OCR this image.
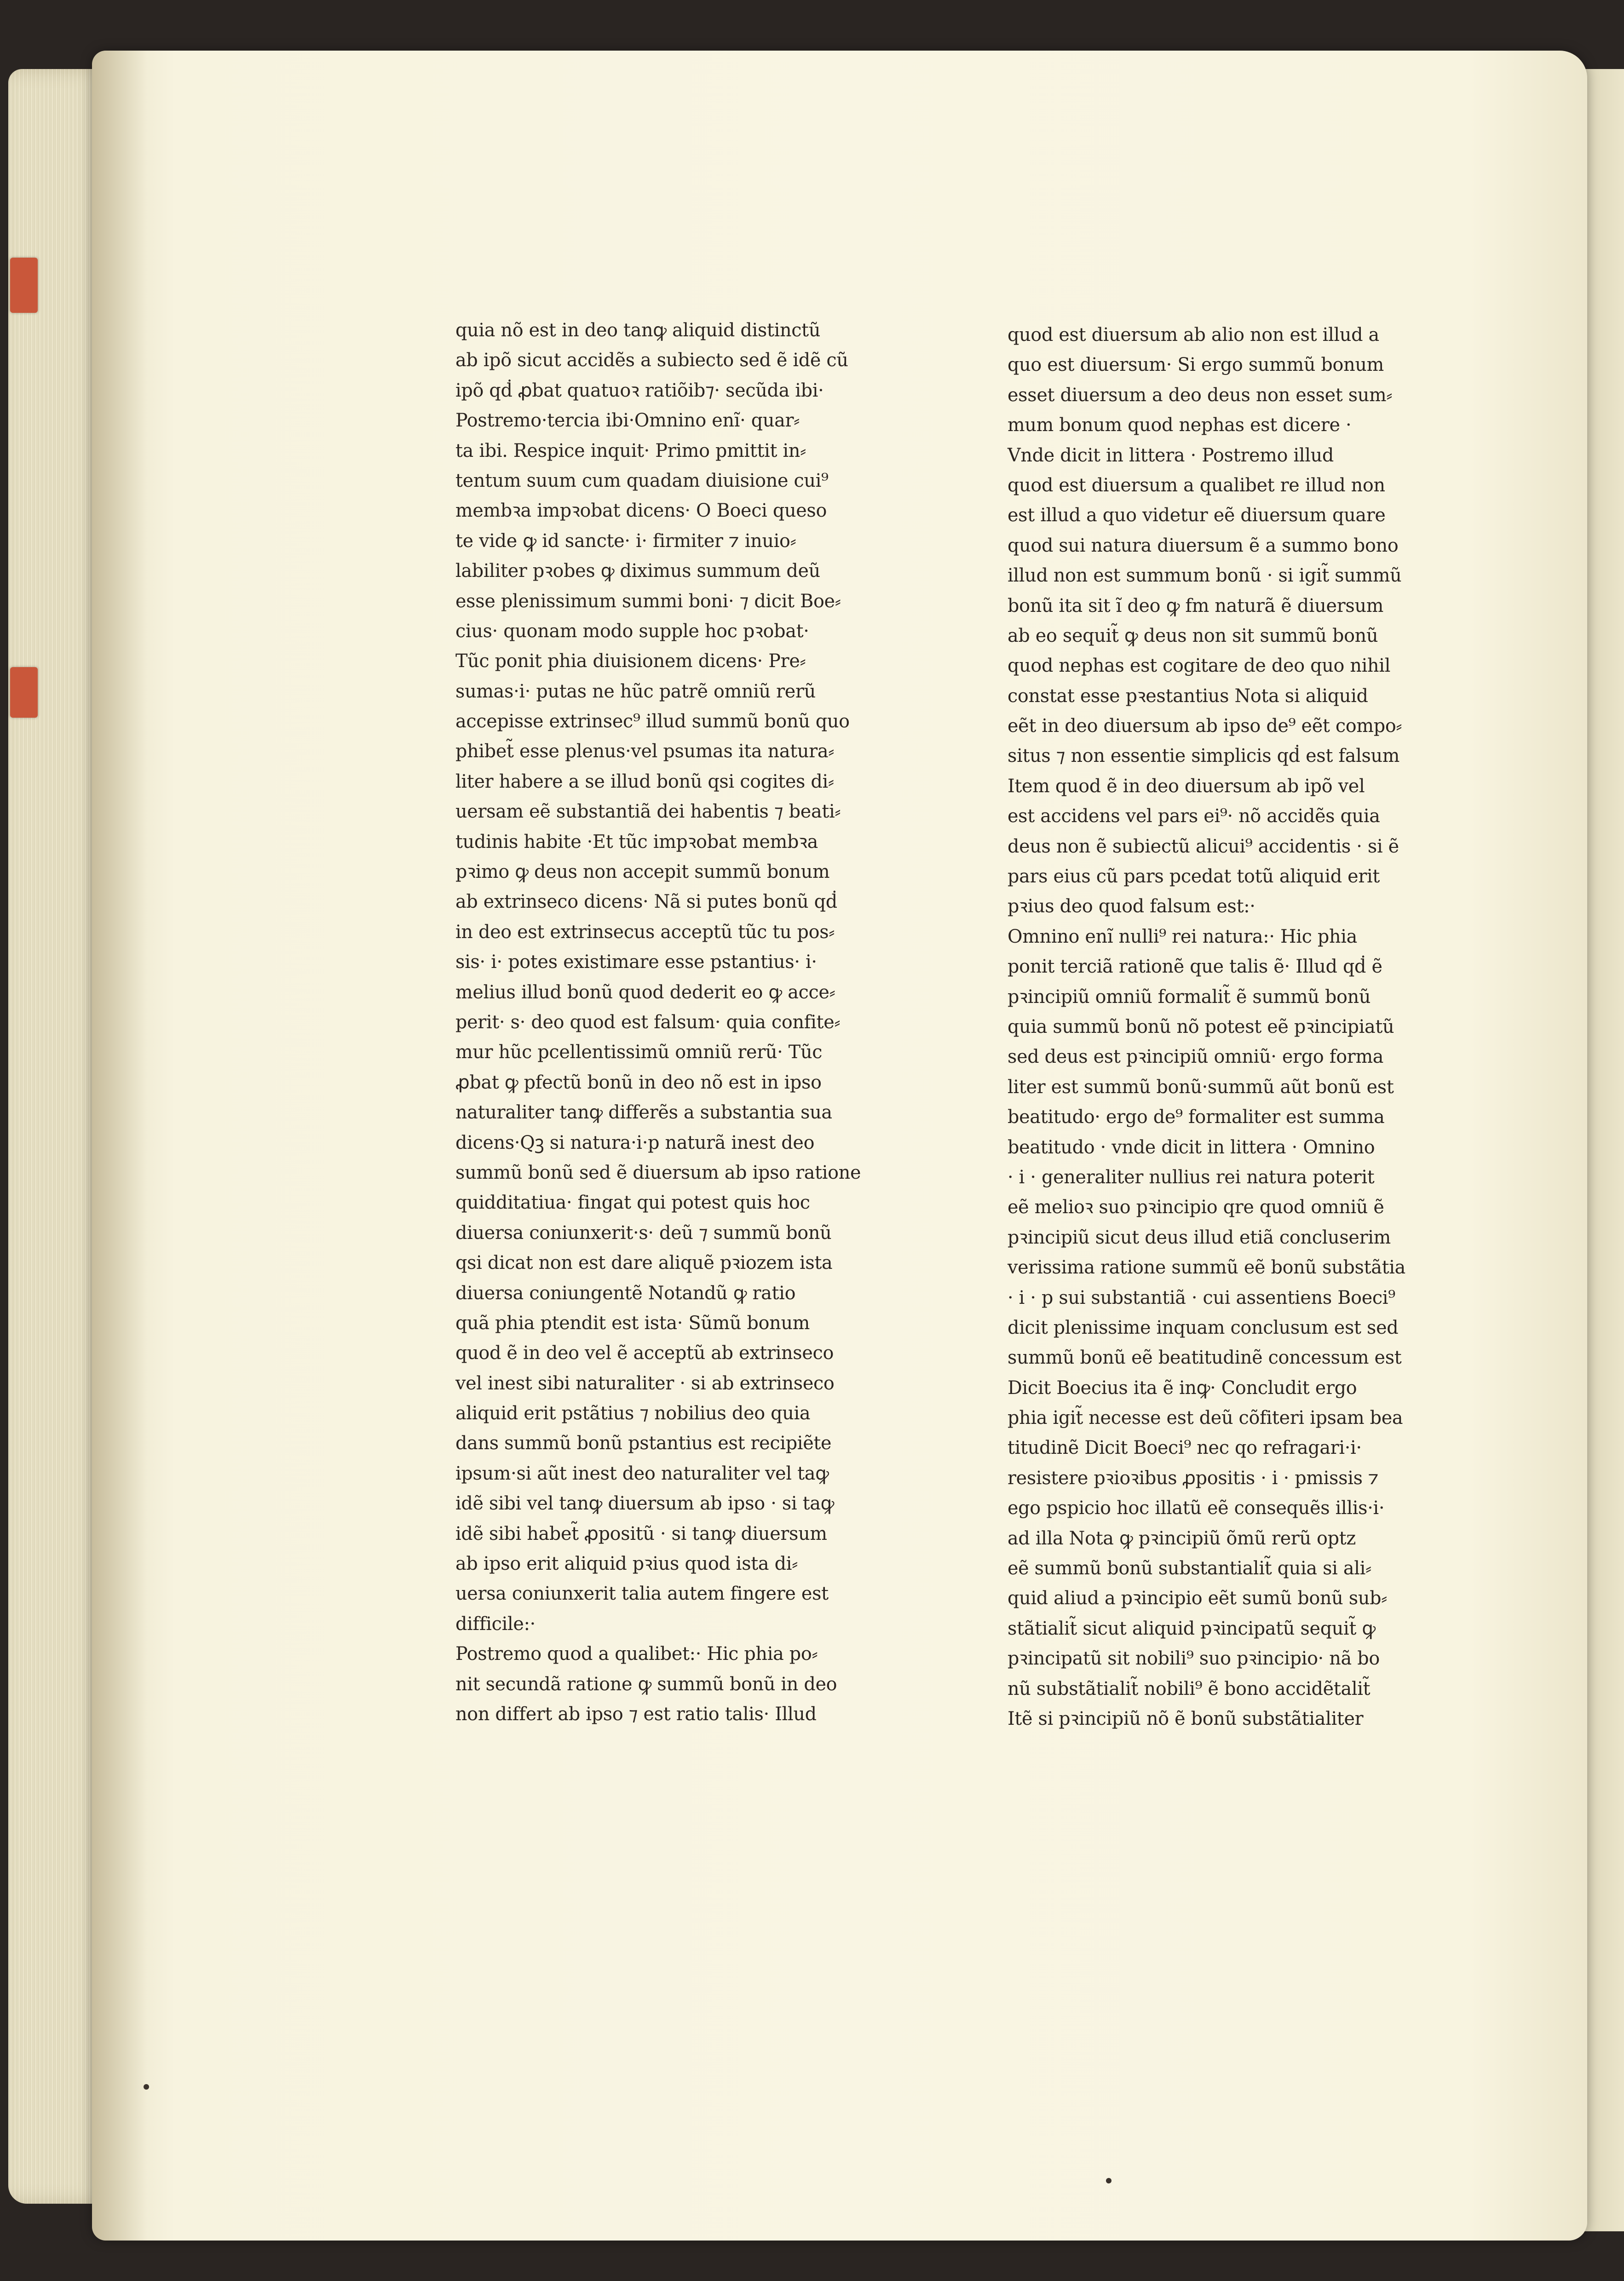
quia nõ est in deo tanꝙ aliquid distinctũ
ab ipõ sicut accidẽs a subiecto sed ẽ idẽ cũ
ipõ qḋ ꝓbat quatuoꝛ ratiõib⁊· secũda ibi·
Postremo·tercia ibi·Omnino enĩ· quar⸗
ta ibi. Respice inquit· Primo pmittit in⸗
tentum suum cum quadam diuisione cui⁹
membꝛa impꝛobat dicens· O Boeci queso
te vide ꝙ id sancte· i· firmiter ⁊ inuio⸗
labiliter pꝛobes ꝙ diximus summum deũ
esse plenissimum summi boni· ⁊ dicit Boe⸗
cius· quonam modo supple hoc pꝛobat·
Tũc ponit phia diuisionem dicens· Pre⸗
sumas·i· putas ne hũc patrẽ omniũ rerũ
accepisse extrinsec⁹ illud summũ bonũ quo
phibet̃ esse plenus·vel psumas ita natura⸗
liter habere a se illud bonũ qsi cogites di⸗
uersam eẽ substantiã dei habentis ⁊ beati⸗
tudinis habite ·Et tũc impꝛobat membꝛa
pꝛimo ꝙ deus non accepit summũ bonum
ab extrinseco dicens· Nã si putes bonũ qḋ
in deo est extrinsecus acceptũ tũc tu pos⸗
sis· i· potes existimare esse pstantius· i·
melius illud bonũ quod dederit eo ꝙ acce⸗
perit· s· deo quod est falsum· quia confite⸗
mur hũc pcellentissimũ omniũ rerũ· Tũc
ꝓbat ꝙ pfectũ bonũ in deo nõ est in ipso
naturaliter tanꝙ differẽs a substantia sua
dicens·Qꝫ si natura·i·p naturã inest deo
summũ bonũ sed ẽ diuersum ab ipso ratione
quidditatiua· fingat qui potest quis hoc
diuersa coniunxerit·s· deũ ⁊ summũ bonũ
qsi dicat non est dare aliquẽ pꝛiozem ista
diuersa coniungentẽ Notandũ ꝙ ratio
quã phia ptendit est ista· Sũmũ bonum
quod ẽ in deo vel ẽ acceptũ ab extrinseco
vel inest sibi naturaliter · si ab extrinseco
aliquid erit pstãtius ⁊ nobilius deo quia
dans summũ bonũ pstantius est recipiẽte
ipsum·si aũt inest deo naturaliter vel taꝙ
idẽ sibi vel tanꝙ diuersum ab ipso · si taꝙ
idẽ sibi habet̃ ꝓpositũ · si tanꝙ diuersum
ab ipso erit aliquid pꝛius quod ista di⸗
uersa coniunxerit talia autem fingere est
difficile:·
Postremo quod a qualibet:· Hic phia po⸗
nit secundã ratione ꝙ summũ bonũ in deo
non differt ab ipso ⁊ est ratio talis· Illud
quod est diuersum ab alio non est illud a
quo est diuersum· Si ergo summũ bonum
esset diuersum a deo deus non esset sum⸗
mum bonum quod nephas est dicere ·
Vnde dicit in littera · Postremo illud
quod est diuersum a qualibet re illud non
est illud a quo videtur eẽ diuersum quare
quod sui natura diuersum ẽ a summo bono
illud non est summum bonũ · si igit̃ summũ
bonũ ita sit ĩ deo ꝙ fm naturã ẽ diuersum
ab eo sequit̃ ꝙ deus non sit summũ bonũ
quod nephas est cogitare de deo quo nihil
constat esse pꝛestantius Nota si aliquid
eẽt in deo diuersum ab ipso de⁹ eẽt compo⸗
situs ⁊ non essentie simplicis qḋ est falsum
Item quod ẽ in deo diuersum ab ipõ vel
est accidens vel pars ei⁹· nõ accidẽs quia
deus non ẽ subiectũ alicui⁹ accidentis · si ẽ
pars eius cũ pars pcedat totũ aliquid erit
pꝛius deo quod falsum est:·
Omnino enĩ nulli⁹ rei natura:· Hic phia
ponit terciã rationẽ que talis ẽ· Illud qḋ ẽ
pꝛincipiũ omniũ formalit̃ ẽ summũ bonũ
quia summũ bonũ nõ potest eẽ pꝛincipiatũ
sed deus est pꝛincipiũ omniũ· ergo forma
liter est summũ bonũ·summũ aũt bonũ est
beatitudo· ergo de⁹ formaliter est summa
beatitudo · vnde dicit in littera · Omnino
· i · generaliter nullius rei natura poterit
eẽ melioꝛ suo pꝛincipio qre quod omniũ ẽ
pꝛincipiũ sicut deus illud etiã concluserim
verissima ratione summũ eẽ bonũ substãtia
· i · p sui substantiã · cui assentiens Boeci⁹
dicit plenissime inquam conclusum est sed
summũ bonũ eẽ beatitudinẽ concessum est
Dicit Boecius ita ẽ inꝙ· Concludit ergo
phia igit̃ necesse est deũ cõfiteri ipsam bea
titudinẽ Dicit Boeci⁹ nec qo refragari·i·
resistere pꝛioꝛibus ꝓpositis · i · pmissis ⁊
ego pspicio hoc illatũ eẽ consequẽs illis·i·
ad illa Nota ꝙ pꝛincipiũ õmũ rerũ optz
eẽ summũ bonũ substantialit̃ quia si ali⸗
quid aliud a pꝛincipio eẽt sumũ bonũ sub⸗
stãtialit̃ sicut aliquid pꝛincipatũ sequit̃ ꝙ
pꝛincipatũ sit nobili⁹ suo pꝛincipio· nã bo
nũ substãtialit̃ nobili⁹ ẽ bono accidẽtalit̃
Itẽ si pꝛincipiũ nõ ẽ bonũ substãtialiter
